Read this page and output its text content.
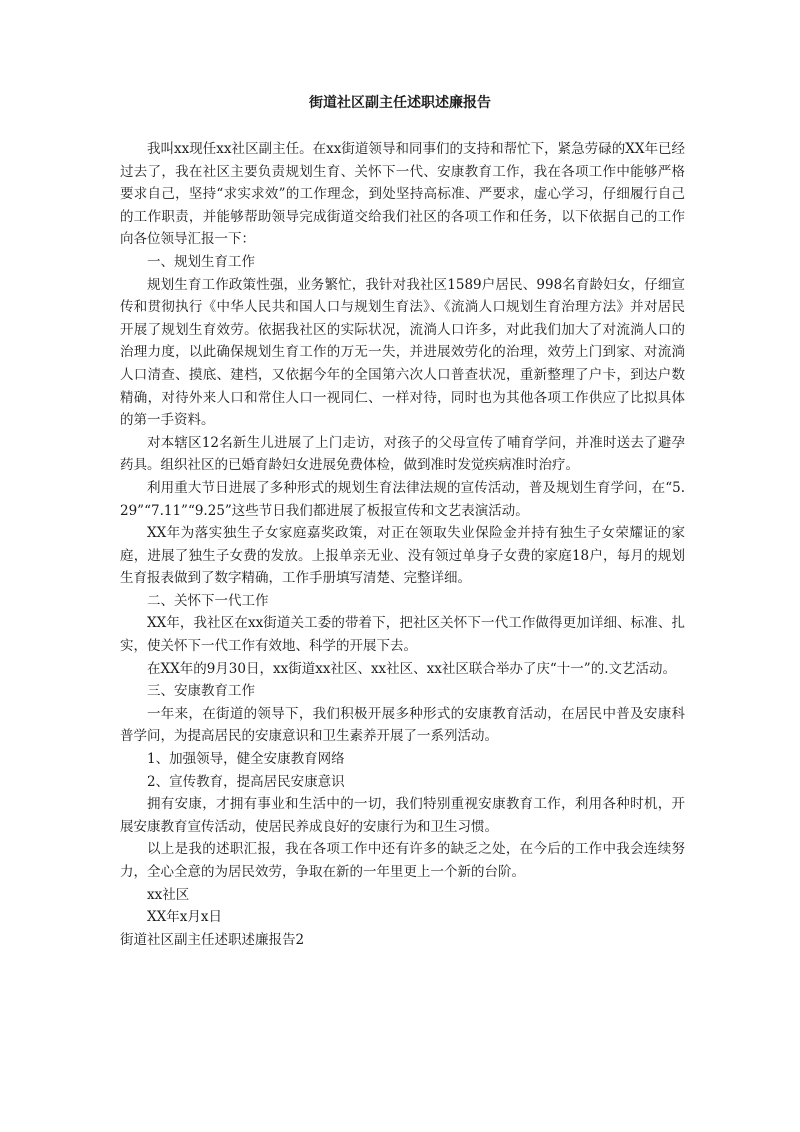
街道社区副主任述职述廉报告

我叫xx现任xx社区副主任。在xx街道领导和同事们的支持和帮忙下，紧急劳碌的XX年已经过去了，我在社区主要负责规划生育、关怀下一代、安康教育工作，我在各项工作中能够严格要求自己，坚持“求实求效”的工作理念，到处坚持高标准、严要求，虚心学习，仔细履行自己的工作职责，并能够帮助领导完成街道交给我们社区的各项工作和任务，以下依据自己的工作向各位领导汇报一下：

一、规划生育工作

规划生育工作政策性强，业务繁忙，我针对我社区1589户居民、998名育龄妇女，仔细宣传和贯彻执行《中华人民共和国人口与规划生育法》、《流淌人口规划生育治理方法》并对居民开展了规划生育效劳。依据我社区的实际状况，流淌人口许多，对此我们加大了对流淌人口的治理力度，以此确保规划生育工作的万无一失，并进展效劳化的治理，效劳上门到家、对流淌人口清查、摸底、建档，又依据今年的全国第六次人口普查状况，重新整理了户卡，到达户数精确，对待外来人口和常住人口一视同仁、一样对待，同时也为其他各项工作供应了比拟具体的第一手资料。

对本辖区12名新生儿进展了上门走访，对孩子的父母宣传了哺育学问，并准时送去了避孕药具。组织社区的已婚育龄妇女进展免费体检，做到准时发觉疾病准时治疗。

利用重大节日进展了多种形式的规划生育法律法规的宣传活动，普及规划生育学问，在“5.29”“7.11”“9.25”这些节日我们都进展了板报宣传和文艺表演活动。

XX年为落实独生子女家庭嘉奖政策，对正在领取失业保险金并持有独生子女荣耀证的家庭，进展了独生子女费的发放。上报单亲无业、没有领过单身子女费的家庭18户，每月的规划生育报表做到了数字精确，工作手册填写清楚、完整详细。

二、关怀下一代工作

XX年，我社区在xx街道关工委的带着下，把社区关怀下一代工作做得更加详细、标准、扎实，使关怀下一代工作有效地、科学的开展下去。

在XX年的9月30日，xx街道xx社区、xx社区、xx社区联合举办了庆“十一”的.文艺活动。

三、安康教育工作

一年来，在街道的领导下，我们积极开展多种形式的安康教育活动，在居民中普及安康科普学问，为提高居民的安康意识和卫生素养开展了一系列活动。

1、加强领导，健全安康教育网络

2、宣传教育，提高居民安康意识

拥有安康，才拥有事业和生活中的一切，我们特别重视安康教育工作，利用各种时机，开展安康教育宣传活动，使居民养成良好的安康行为和卫生习惯。

以上是我的述职汇报，我在各项工作中还有许多的缺乏之处，在今后的工作中我会连续努力，全心全意的为居民效劳，争取在新的一年里更上一个新的台阶。

xx社区

XX年x月x日

街道社区副主任述职述廉报告2
